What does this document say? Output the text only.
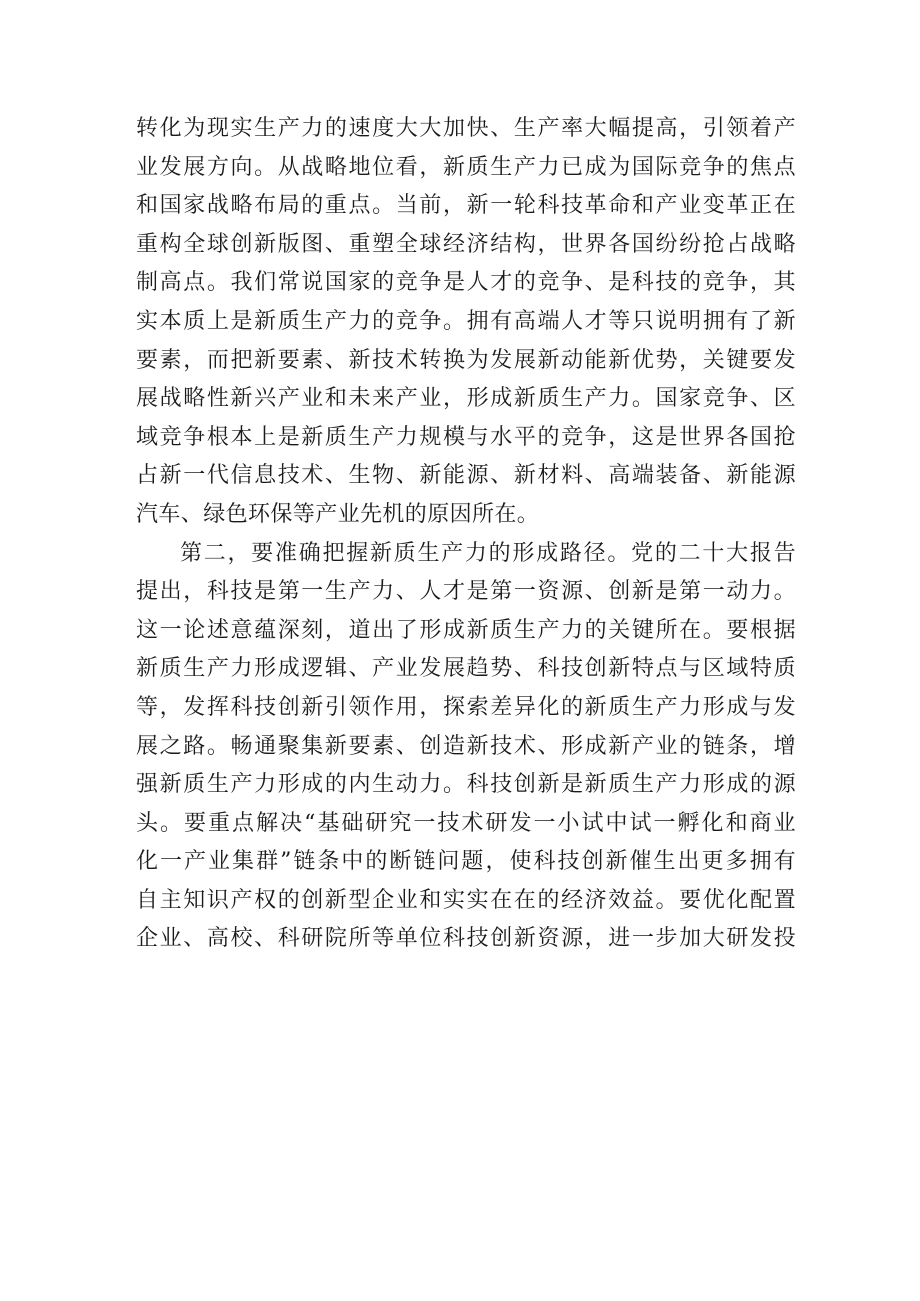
转化为现实生产力的速度大大加快、生产率大幅提高，引领着产
业发展方向。从战略地位看，新质生产力已成为国际竞争的焦点
和国家战略布局的重点。当前，新一轮科技革命和产业变革正在
重构全球创新版图、重塑全球经济结构，世界各国纷纷抢占战略
制高点。我们常说国家的竞争是人才的竞争、是科技的竞争，其
实本质上是新质生产力的竞争。拥有高端人才等只说明拥有了新
要素，而把新要素、新技术转换为发展新动能新优势，关键要发
展战略性新兴产业和未来产业，形成新质生产力。国家竞争、区
域竞争根本上是新质生产力规模与水平的竞争，这是世界各国抢
占新一代信息技术、生物、新能源、新材料、高端装备、新能源
汽车、绿色环保等产业先机的原因所在。
第二，要准确把握新质生产力的形成路径。党的二十大报告
提出，科技是第一生产力、人才是第一资源、创新是第一动力。
这一论述意蕴深刻，道出了形成新质生产力的关键所在。要根据
新质生产力形成逻辑、产业发展趋势、科技创新特点与区域特质
等，发挥科技创新引领作用，探索差异化的新质生产力形成与发
展之路。畅通聚集新要素、创造新技术、形成新产业的链条，增
强新质生产力形成的内生动力。科技创新是新质生产力形成的源
头。要重点解决“基础研究一技术研发一小试中试一孵化和商业
化一产业集群”链条中的断链问题，使科技创新催生出更多拥有
自主知识产权的创新型企业和实实在在的经济效益。要优化配置
企业、高校、科研院所等单位科技创新资源，进一步加大研发投
